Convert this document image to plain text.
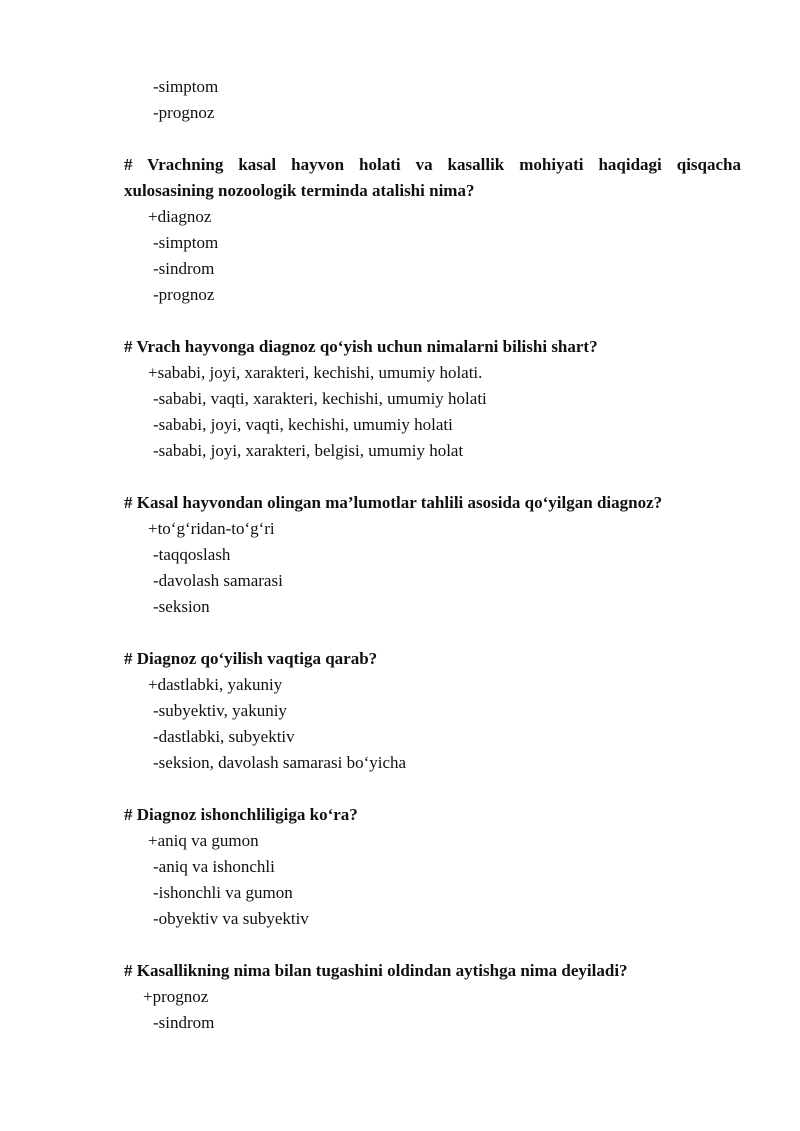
-simptom
-prognoz
# Vrachning kasal hayvon holati va kasallik mohiyati haqidagi qisqacha
xulosasining nozoologik terminda atalishi nima?
+diagnoz
-simptom
-sindrom
-prognoz
# Vrach hayvonga diagnoz qo‘yish uchun nimalarni bilishi shart?
+sababi, joyi, xarakteri, kechishi, umumiy holati.
-sababi, vaqti, xarakteri, kechishi, umumiy holati
-sababi, joyi, vaqti, kechishi, umumiy holati
-sababi, joyi, xarakteri, belgisi, umumiy holat
# Kasal hayvondan olingan ma’lumotlar tahlili asosida qo‘yilgan diagnoz?
+to‘g‘ridan-to‘g‘ri
-taqqoslash
-davolash samarasi
-seksion
# Diagnoz qo‘yilish vaqtiga qarab?
+dastlabki, yakuniy
-subyektiv, yakuniy
-dastlabki, subyektiv
-seksion, davolash samarasi bo‘yicha
# Diagnoz ishonchliligiga ko‘ra?
+aniq va gumon
-aniq va ishonchli
-ishonchli va gumon
-obyektiv va subyektiv
# Kasallikning nima bilan tugashini oldindan aytishga nima deyiladi?
+prognoz
-sindrom
